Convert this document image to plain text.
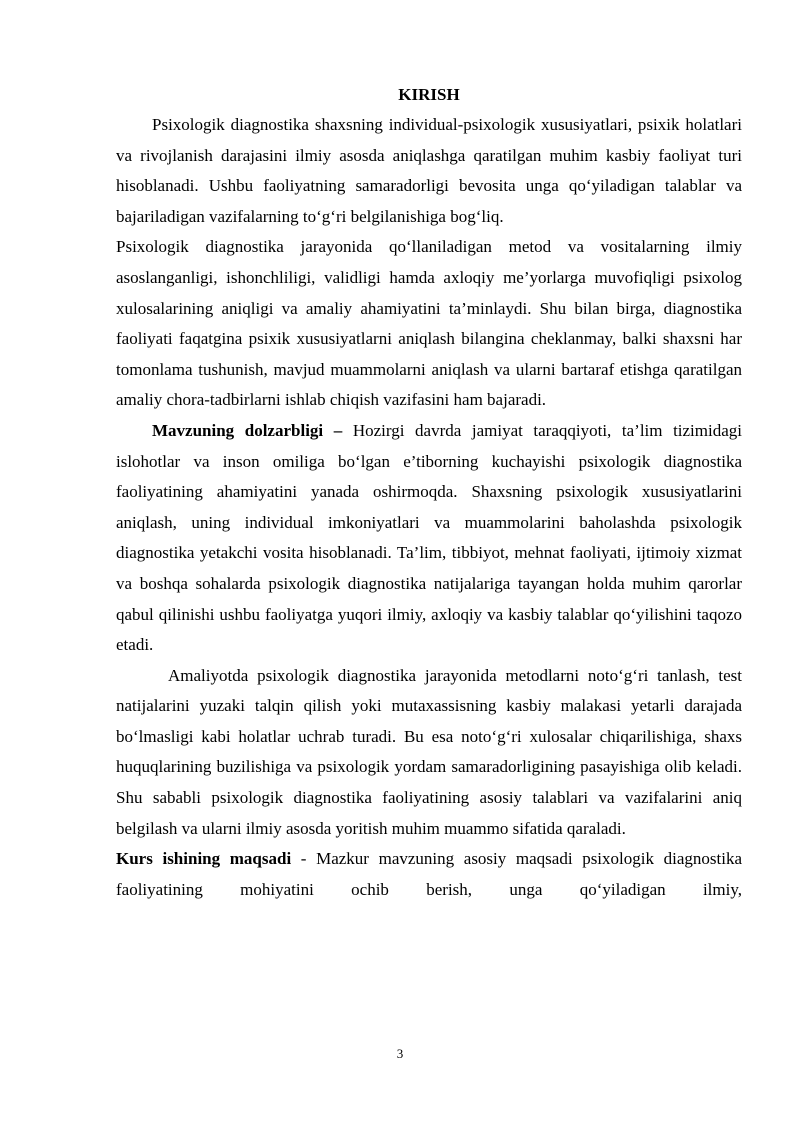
KIRISH

Psixologik diagnostika shaxsning individual-psixologik xususiyatlari, psixik holatlari va rivojlanish darajasini ilmiy asosda aniqlashga qaratilgan muhim kasbiy faoliyat turi hisoblanadi. Ushbu faoliyatning samaradorligi bevosita unga qo‘yiladigan talablar va bajariladigan vazifalarning to‘g‘ri belgilanishiga bog‘liq.

Psixologik diagnostika jarayonida qo‘llaniladigan metod va vositalarning ilmiy asoslanganligi, ishonchliligi, validligi hamda axloqiy me’yorlarga muvofiqligi psixolog xulosalarining aniqligi va amaliy ahamiyatini ta’minlaydi. Shu bilan birga, diagnostika faoliyati faqatgina psixik xususiyatlarni aniqlash bilangina cheklanmay, balki shaxsni har tomonlama tushunish, mavjud muammolarni aniqlash va ularni bartaraf etishga qaratilgan amaliy chora-tadbirlarni ishlab chiqish vazifasini ham bajaradi.

Mavzuning dolzarbligi – Hozirgi davrda jamiyat taraqqiyoti, ta’lim tizimidagi islohotlar va inson omiliga bo‘lgan e’tiborning kuchayishi psixologik diagnostika faoliyatining ahamiyatini yanada oshirmoqda. Shaxsning psixologik xususiyatlarini aniqlash, uning individual imkoniyatlari va muammolarini baholashda psixologik diagnostika yetakchi vosita hisoblanadi. Ta’lim, tibbiyot, mehnat faoliyati, ijtimoiy xizmat va boshqa sohalarda psixologik diagnostika natijalariga tayangan holda muhim qarorlar qabul qilinishi ushbu faoliyatga yuqori ilmiy, axloqiy va kasbiy talablar qo‘yilishini taqozo etadi.

Amaliyotda psixologik diagnostika jarayonida metodlarni noto‘g‘ri tanlash, test natijalarini yuzaki talqin qilish yoki mutaxassisning kasbiy malakasi yetarli darajada bo‘lmasligi kabi holatlar uchrab turadi. Bu esa noto‘g‘ri xulosalar chiqarilishiga, shaxs huquqlarining buzilishiga va psixologik yordam samaradorligining pasayishiga olib keladi. Shu sababli psixologik diagnostika faoliyatining asosiy talablari va vazifalarini aniq belgilash va ularni ilmiy asosda yoritish muhim muammo sifatida qaraladi.

Kurs ishining maqsadi - Mazkur mavzuning asosiy maqsadi psixologik diagnostika faoliyatining mohiyatini ochib berish, unga qo‘yiladigan ilmiy,

3
